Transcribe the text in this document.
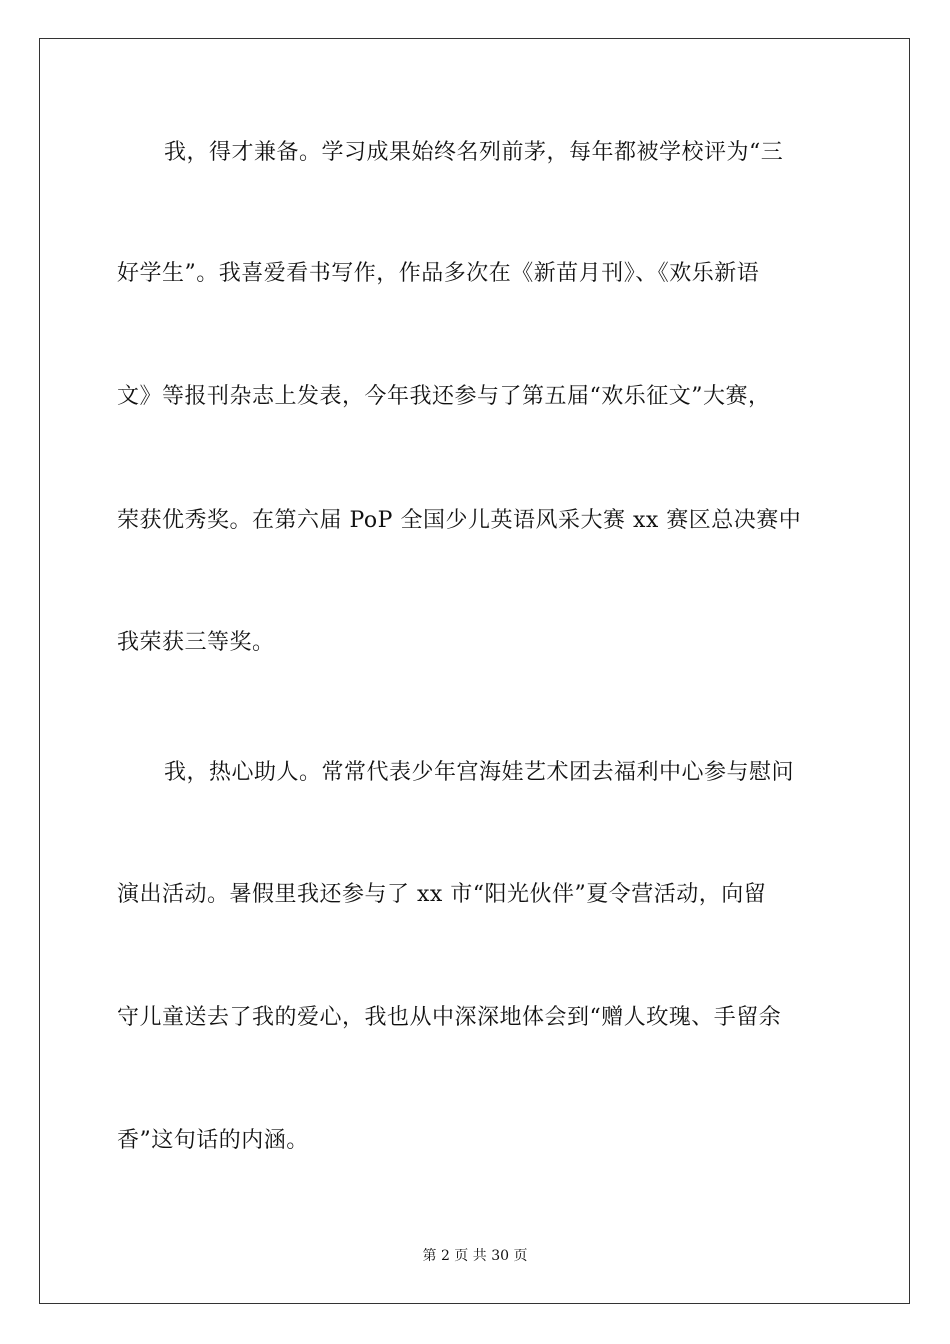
我，得才兼备。学习成果始终名列前茅，每年都被学校评为“三
好学生”。我喜爱看书写作，作品多次在《新苗月刊》、《欢乐新语
文》等报刊杂志上发表，今年我还参与了第五届“欢乐征文”大赛，
荣获优秀奖。在第六届 PoP 全国少儿英语风采大赛 xx 赛区总决赛中
我荣获三等奖。
我，热心助人。常常代表少年宫海娃艺术团去福利中心参与慰问
演出活动。暑假里我还参与了 xx 市“阳光伙伴”夏令营活动，向留
守儿童送去了我的爱心，我也从中深深地体会到“赠人玫瑰、手留余
香”这句话的内涵。
第 2 页 共 30 页
